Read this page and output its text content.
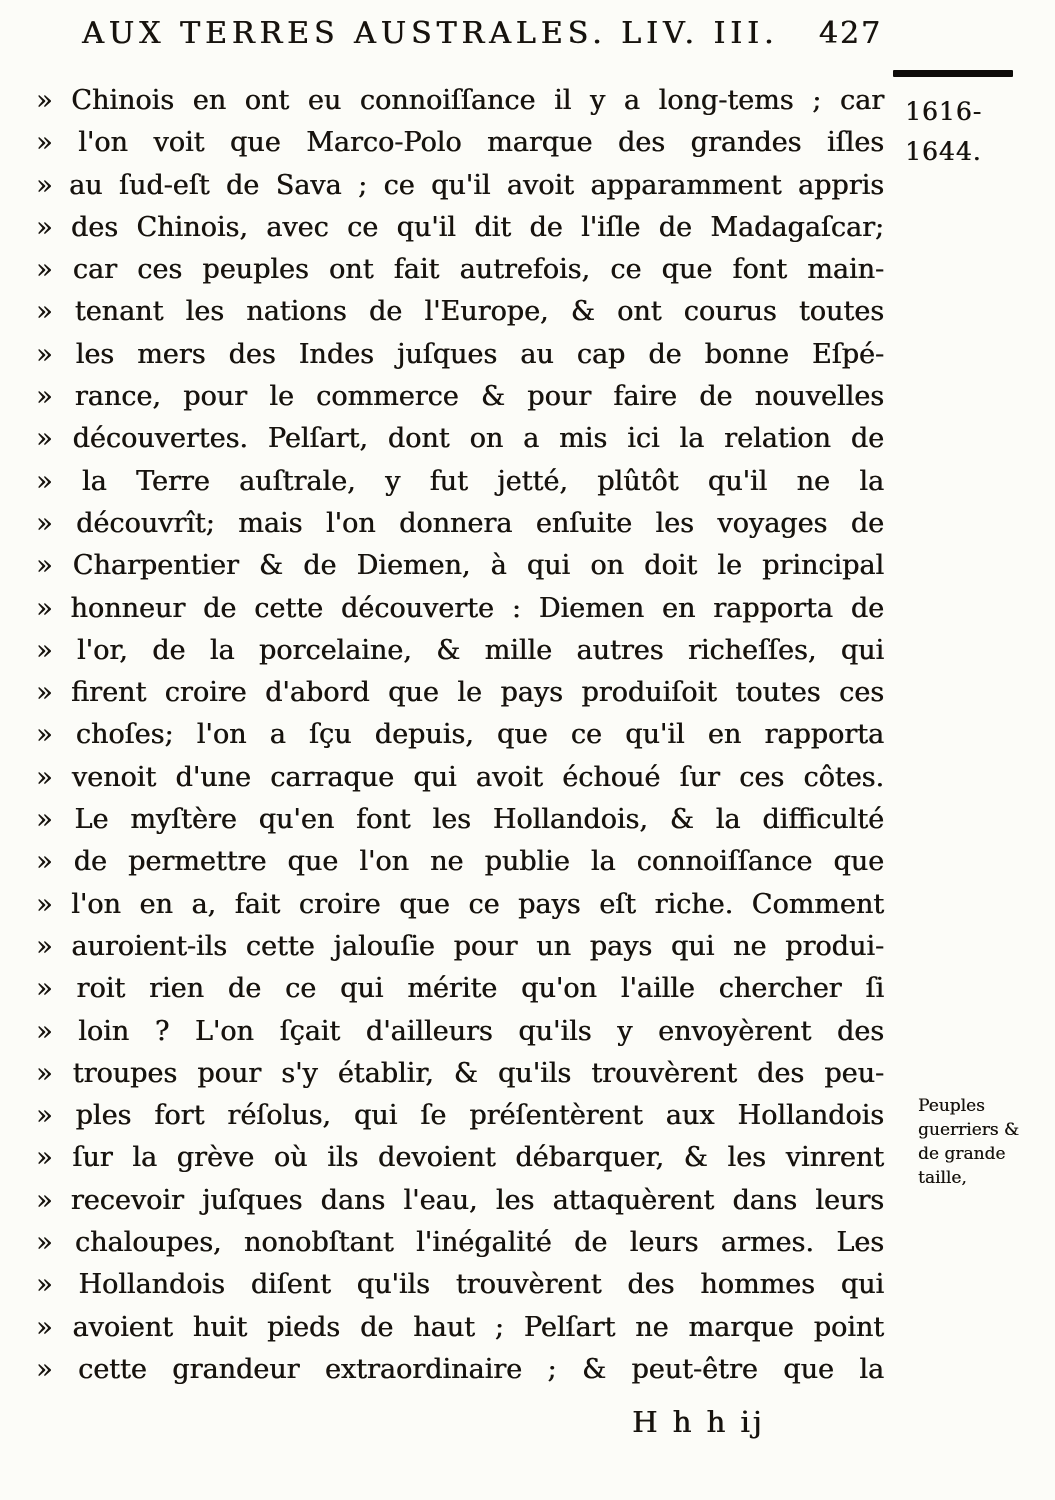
AUX TERRES AUSTRALES. LIV. III. 427
1616-
1644.
» Chinois en ont eu connoiſſance il y a long-tems ; car
» l'on voit que Marco-Polo marque des grandes iſles
» au ſud-eſt de Sava ; ce qu'il avoit apparamment appris
» des Chinois, avec ce qu'il dit de l'iſle de Madagaſcar;
» car ces peuples ont fait autrefois, ce que font main-
» tenant les nations de l'Europe, & ont courus toutes
» les mers des Indes juſques au cap de bonne Eſpé-
» rance, pour le commerce & pour faire de nouvelles
» découvertes. Pelſart, dont on a mis ici la relation de
» la Terre auſtrale, y fut jetté, plûtôt qu'il ne la
» découvrît; mais l'on donnera enſuite les voyages de
» Charpentier & de Diemen, à qui on doit le principal
» honneur de cette découverte : Diemen en rapporta de
» l'or, de la porcelaine, & mille autres richeſſes, qui
» firent croire d'abord que le pays produiſoit toutes ces
» choſes; l'on a ſçu depuis, que ce qu'il en rapporta
» venoit d'une carraque qui avoit échoué ſur ces côtes.
» Le myſtère qu'en font les Hollandois, & la difficulté
» de permettre que l'on ne publie la connoiſſance que
» l'on en a, fait croire que ce pays eſt riche. Comment
» auroient-ils cette jalouſie pour un pays qui ne produi-
» roit rien de ce qui mérite qu'on l'aille chercher ſi
» loin ? L'on ſçait d'ailleurs qu'ils y envoyèrent des
» troupes pour s'y établir, & qu'ils trouvèrent des peu-
» ples fort réſolus, qui ſe préſentèrent aux Hollandois
» ſur la grève où ils devoient débarquer, & les vinrent
» recevoir juſques dans l'eau, les attaquèrent dans leurs
» chaloupes, nonobſtant l'inégalité de leurs armes. Les
» Hollandois diſent qu'ils trouvèrent des hommes qui
» avoient huit pieds de haut ; Pelſart ne marque point
» cette grandeur extraordinaire ; & peut-être que la
Peuples
guerriers &
de grande
taille,
H h h ij
